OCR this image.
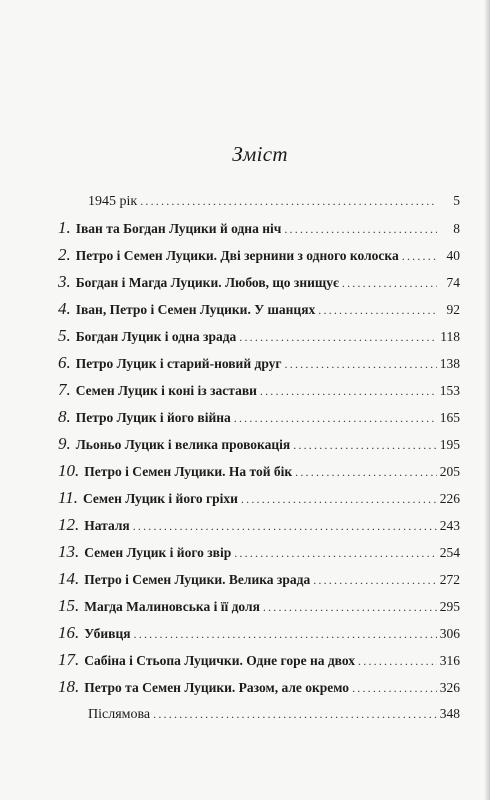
Зміст
1945 рік .....	5
1. Іван та Богдан Луцики й одна ніч .....	8
2. Петро і Семен Луцики. Дві зернини з одного колоска .....	40
3. Богдан і Магда Луцики. Любов, що знищує .....	74
4. Іван, Петро і Семен Луцики. У шанцях .....	92
5. Богдан Луцик і одна зрада .....	118
6. Петро Луцик і старий-новий друг .....	138
7. Семен Луцик і коні із застави .....	153
8. Петро Луцик і його війна .....	165
9. Льоньо Луцик і велика провокація .....	195
10. Петро і Семен Луцики. На той бік .....	205
11. Семен Луцик і його гріхи .....	226
12. Наталя .....	243
13. Семен Луцик і його звір .....	254
14. Петро і Семен Луцики. Велика зрада .....	272
15. Магда Малиновська і її доля .....	295
16. Убивця .....	306
17. Сабіна і Стьопа Луцички. Одне горе на двох .....	316
18. Петро та Семен Луцики. Разом, але окремо .....	326
Післямова .....	348
